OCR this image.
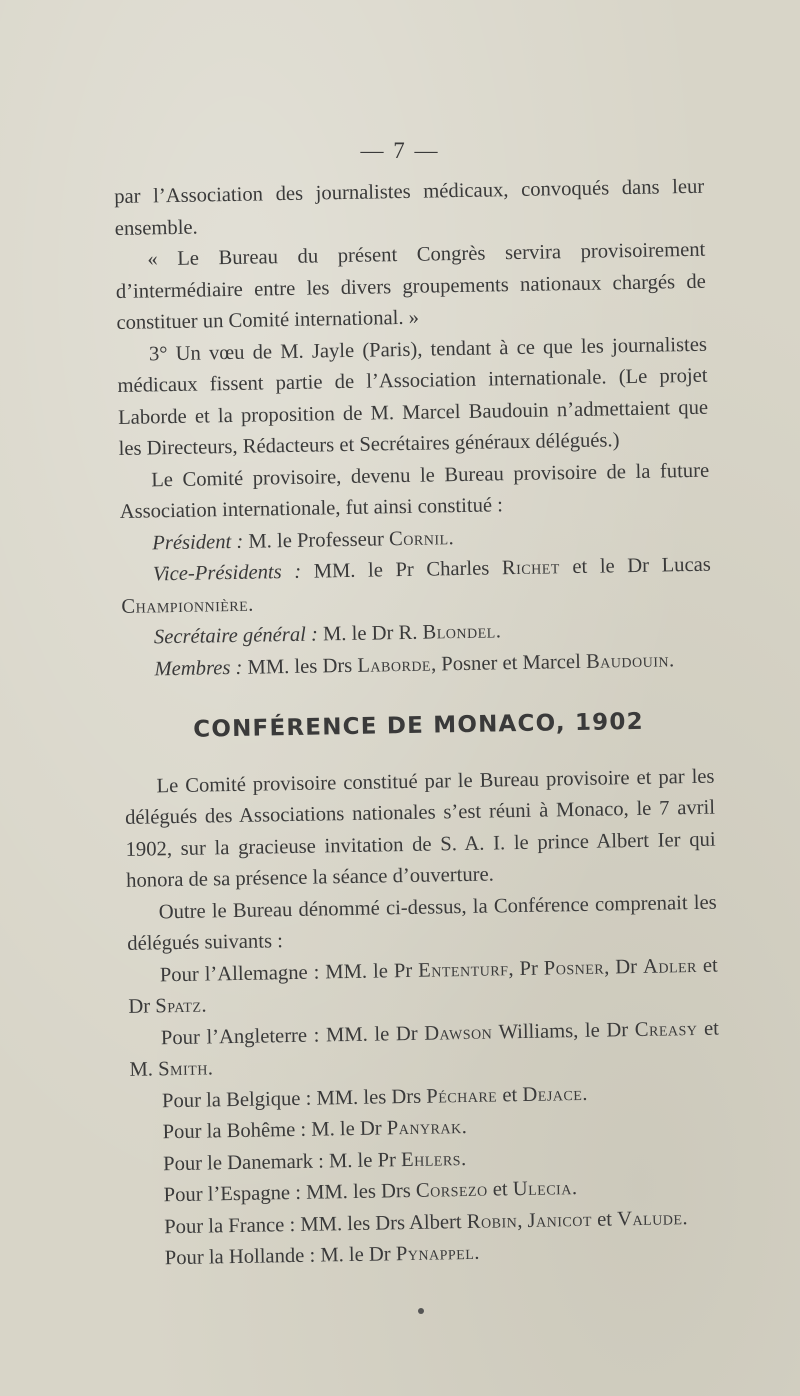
— 7 —

par l’Association des journalistes médicaux, convoqués dans leur ensemble.

« Le Bureau du présent Congrès servira provisoirement d’intermédiaire entre les divers groupements nationaux chargés de constituer un Comité international. »

3° Un vœu de M. Jayle (Paris), tendant à ce que les journalistes médicaux fissent partie de l’Association internationale. (Le projet Laborde et la proposition de M. Marcel Baudouin n’admettaient que les Directeurs, Rédacteurs et Secrétaires généraux délégués.)

Le Comité provisoire, devenu le Bureau provisoire de la future Association internationale, fut ainsi constitué :

Président : M. le Professeur Cornil.

Vice-Présidents : MM. le Pr Charles Richet et le Dr Lucas Championnière.

Secrétaire général : M. le Dr R. Blondel.

Membres : MM. les Drs Laborde, Posner et Marcel Baudouin.

CONFÉRENCE DE MONACO, 1902

Le Comité provisoire constitué par le Bureau provisoire et par les délégués des Associations nationales s’est réuni à Monaco, le 7 avril 1902, sur la gracieuse invitation de S. A. I. le prince Albert Ier qui honora de sa présence la séance d’ouverture.

Outre le Bureau dénommé ci-dessus, la Conférence comprenait les délégués suivants :

Pour l’Allemagne : MM. le Pr Ententurf, Pr Posner, Dr Adler et Dr Spatz.

Pour l’Angleterre : MM. le Dr Dawson Williams, le Dr Creasy et M. Smith.

Pour la Belgique : MM. les Drs Péchare et Dejace.

Pour la Bohême : M. le Dr Panyrak.

Pour le Danemark : M. le Pr Ehlers.

Pour l’Espagne : MM. les Drs Corsezo et Ulecia.

Pour la France : MM. les Drs Albert Robin, Janicot et Valude.

Pour la Hollande : M. le Dr Pynappel.
